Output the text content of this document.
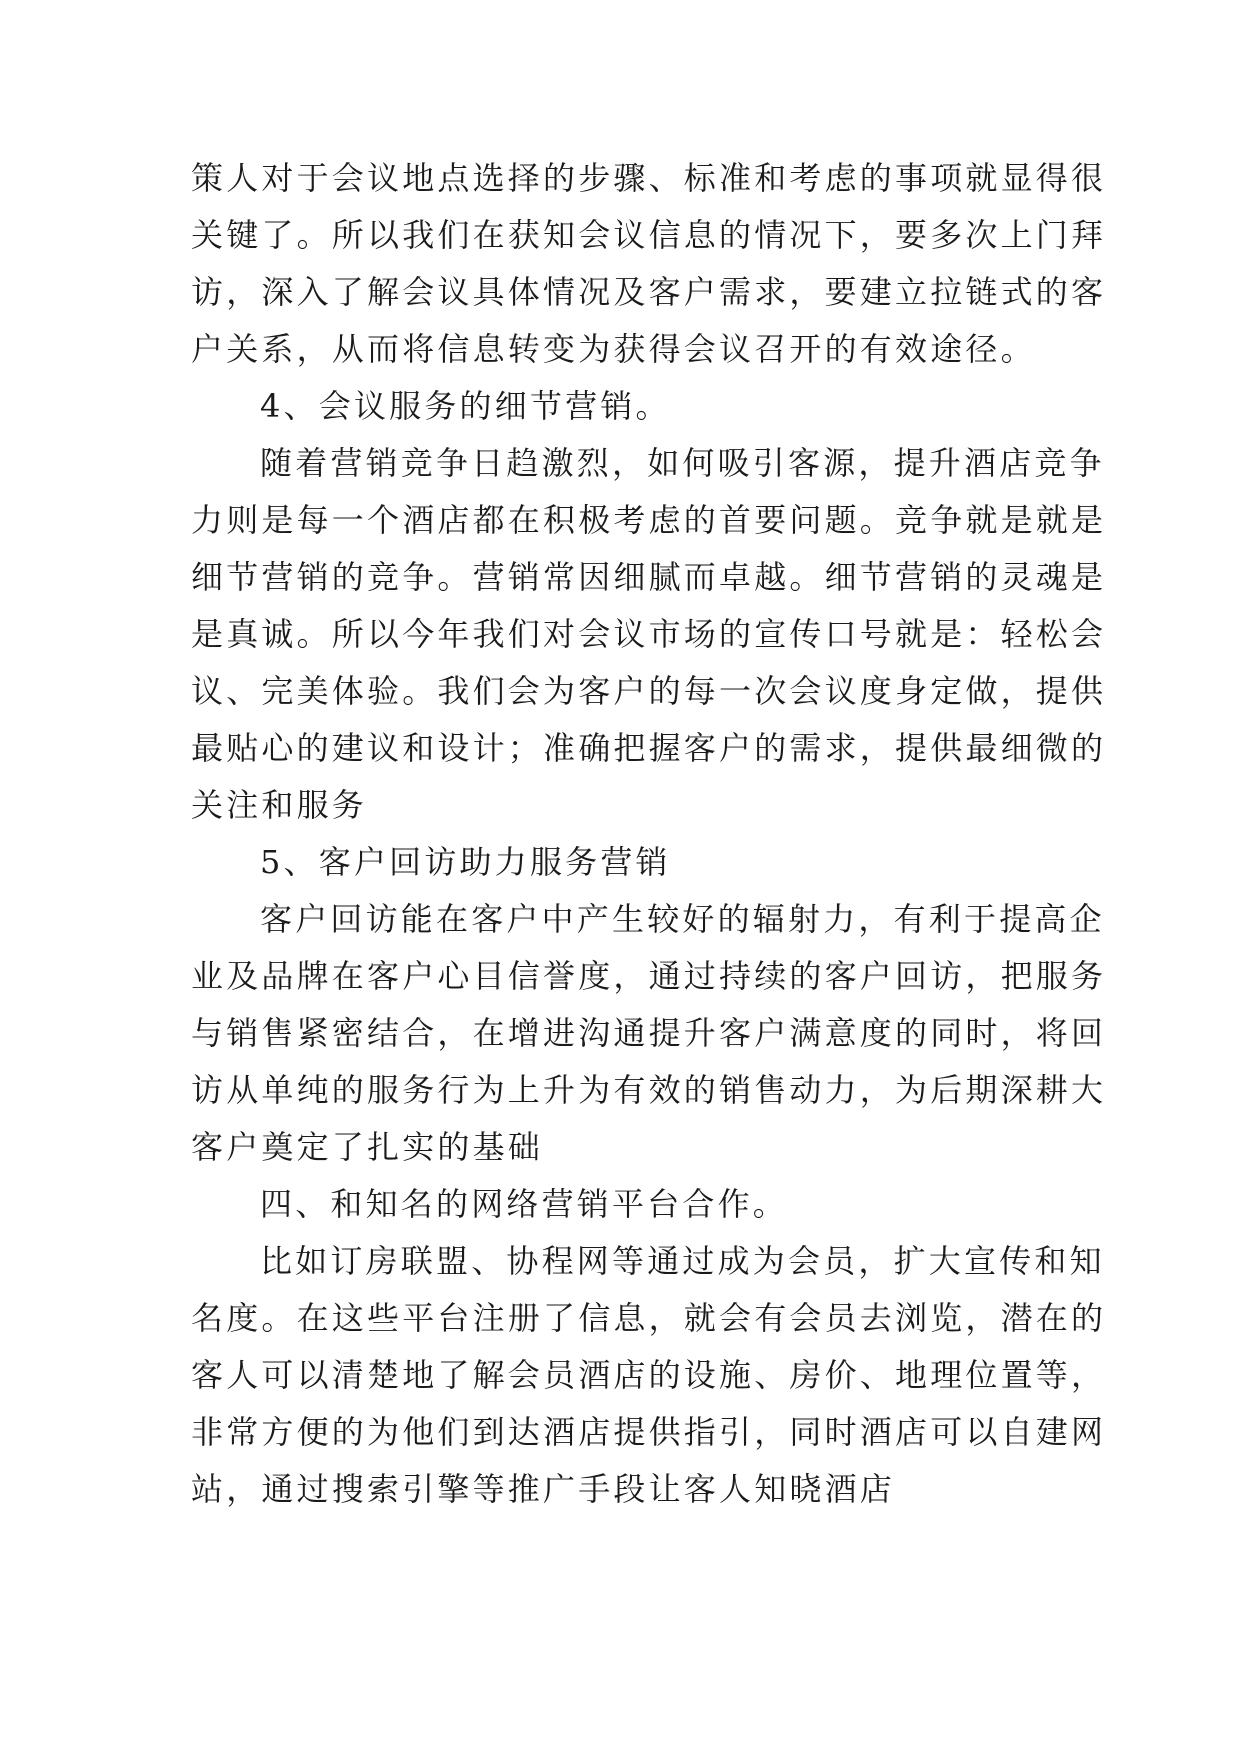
策人对于会议地点选择的步骤、标准和考虑的事项就显得很
关键了。所以我们在获知会议信息的情况下，要多次上门拜
访，深入了解会议具体情况及客户需求，要建立拉链式的客
户关系，从而将信息转变为获得会议召开的有效途径。

4、会议服务的细节营销。

随着营销竞争日趋激烈，如何吸引客源，提升酒店竞争
力则是每一个酒店都在积极考虑的首要问题。竞争就是就是
细节营销的竞争。营销常因细腻而卓越。细节营销的灵魂是
是真诚。所以今年我们对会议市场的宣传口号就是：轻松会
议、完美体验。我们会为客户的每一次会议度身定做，提供
最贴心的建议和设计；准确把握客户的需求，提供最细微的
关注和服务

5、客户回访助力服务营销

客户回访能在客户中产生较好的辐射力，有利于提高企
业及品牌在客户心目信誉度，通过持续的客户回访，把服务
与销售紧密结合，在增进沟通提升客户满意度的同时，将回
访从单纯的服务行为上升为有效的销售动力，为后期深耕大
客户奠定了扎实的基础

四、和知名的网络营销平台合作。

比如订房联盟、协程网等通过成为会员，扩大宣传和知
名度。在这些平台注册了信息，就会有会员去浏览，潜在的
客人可以清楚地了解会员酒店的设施、房价、地理位置等，
非常方便的为他们到达酒店提供指引，同时酒店可以自建网
站，通过搜索引擎等推广手段让客人知晓酒店
